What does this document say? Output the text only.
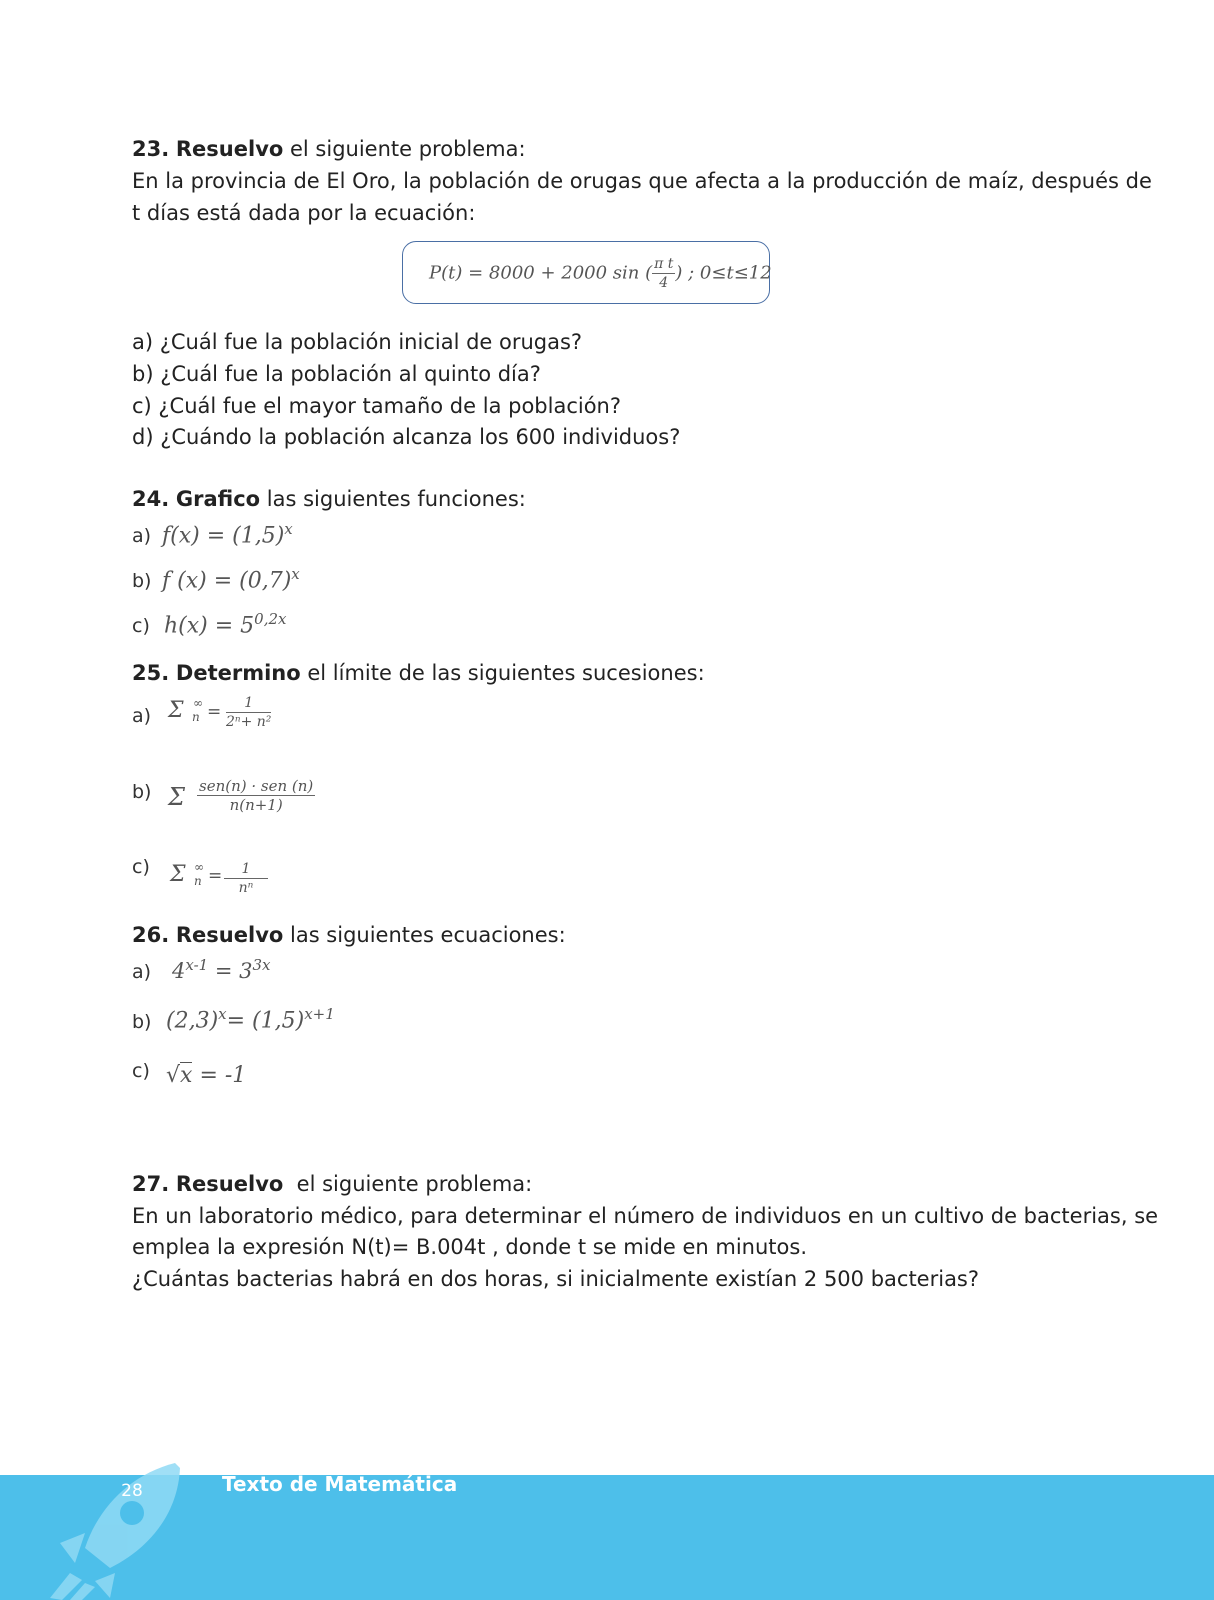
23. Resuelvo el siguiente problema:
En la provincia de El Oro, la población de orugas que afecta a la producción de maíz, después de
t días está dada por la ecuación:
P(t) = 8000 + 2000 sin ( $\frac{\text{π t}}{4}$ ) ; 0≤t≤12
a) ¿Cuál fue la población inicial de orugas?
b) ¿Cuál fue la población al quinto día?
c) ¿Cuál fue el mayor tamaño de la población?
d) ¿Cuándo la población alcanza los 600 individuos?
24. Grafico las siguientes funciones:
a) $f(x) = (1,5)^x$
b) f $(x) = (0,7)^x$
c) $h(x) = 5^{0,2x}$
25. Determino el límite de las siguientes sucesiones:
a) Σ ∞
$n = \frac{1}{\text{2ⁿ+ n²}}$
b) Σ sen(n) · sen (n)
n(n+1)
c) Σ ∞
$n = \frac{1}{\text{nⁿ}}$
26. Resuelvo las siguientes ecuaciones:
a) $4^{x-1} = 3^{3x}$
b) $(2,3)^x= (1,5)^{x+1}$
c) √x = -1
27. Resuelvo  el siguiente problema:
En un laboratorio médico, para determinar el número de individuos en un cultivo de bacterias, se
emplea la expresión N(t)= B.004t , donde t se mide en minutos.
¿Cuántas bacterias habrá en dos horas, si inicialmente existían 2 500 bacterias?
28	Texto de Matemática
